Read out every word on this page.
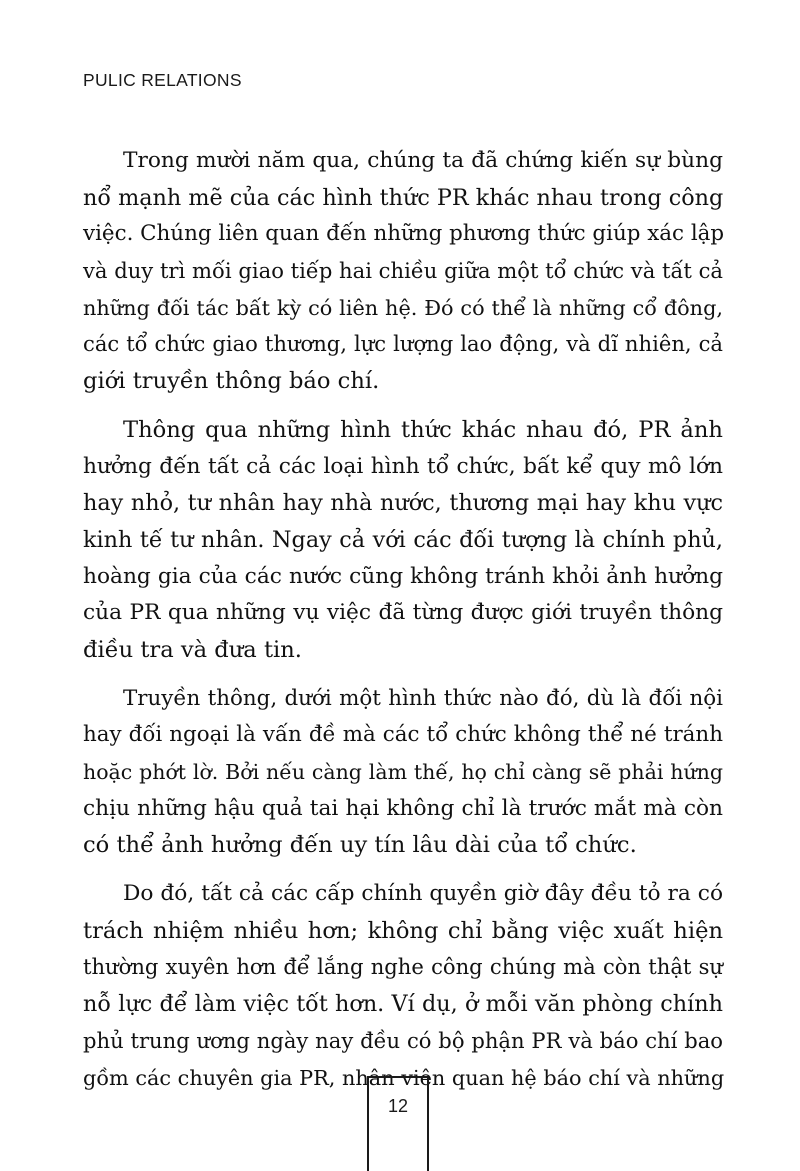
PULIC RELATIONS

Trong mười năm qua, chúng ta đã chứng kiến sự bùng
nổ mạnh mẽ của các hình thức PR khác nhau trong công
việc. Chúng liên quan đến những phương thức giúp xác lập
và duy trì mối giao tiếp hai chiều giữa một tổ chức và tất cả
những đối tác bất kỳ có liên hệ. Đó có thể là những cổ đông,
các tổ chức giao thương, lực lượng lao động, và dĩ nhiên, cả
giới truyền thông báo chí.

Thông qua những hình thức khác nhau đó, PR ảnh
hưởng đến tất cả các loại hình tổ chức, bất kể quy mô lớn
hay nhỏ, tư nhân hay nhà nước, thương mại hay khu vực
kinh tế tư nhân. Ngay cả với các đối tượng là chính phủ,
hoàng gia của các nước cũng không tránh khỏi ảnh hưởng
của PR qua những vụ việc đã từng được giới truyền thông
điều tra và đưa tin.

Truyền thông, dưới một hình thức nào đó, dù là đối nội
hay đối ngoại là vấn đề mà các tổ chức không thể né tránh
hoặc phớt lờ. Bởi nếu càng làm thế, họ chỉ càng sẽ phải hứng
chịu những hậu quả tai hại không chỉ là trước mắt mà còn
có thể ảnh hưởng đến uy tín lâu dài của tổ chức.

Do đó, tất cả các cấp chính quyền giờ đây đều tỏ ra có
trách nhiệm nhiều hơn; không chỉ bằng việc xuất hiện
thường xuyên hơn để lắng nghe công chúng mà còn thật sự
nỗ lực để làm việc tốt hơn. Ví dụ, ở mỗi văn phòng chính
phủ trung ương ngày nay đều có bộ phận PR và báo chí bao
gồm các chuyên gia PR, nhân viên quan hệ báo chí và những

12
